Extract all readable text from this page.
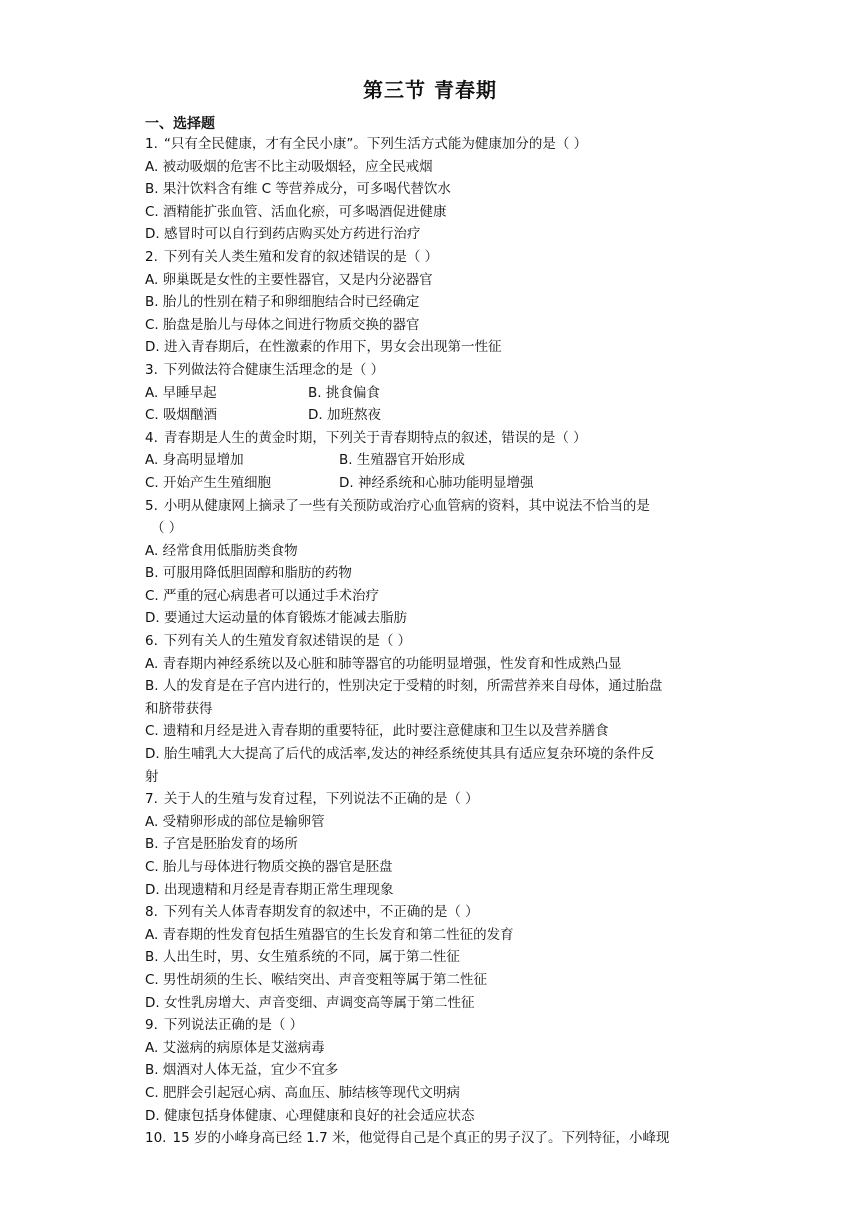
第三节 青春期
一、选择题
1. “只有全民健康，才有全民小康”。下列生活方式能为健康加分的是（ ）
A. 被动吸烟的危害不比主动吸烟轻，应全民戒烟
B. 果汁饮料含有维 C 等营养成分，可多喝代替饮水
C. 酒精能扩张血管、活血化瘀，可多喝酒促进健康
D. 感冒时可以自行到药店购买处方药进行治疗
2. 下列有关人类生殖和发育的叙述错误的是（ ）
A. 卵巢既是女性的主要性器官，又是内分泌器官
B. 胎儿的性别在精子和卵细胞结合时已经确定
C. 胎盘是胎儿与母体之间进行物质交换的器官
D. 进入青春期后，在性激素的作用下，男女会出现第一性征
3. 下列做法符合健康生活理念的是（ ）
A. 早睡早起	B. 挑食偏食
C. 吸烟酗酒	D. 加班熬夜
4. 青春期是人生的黄金时期，下列关于青春期特点的叙述，错误的是（ ）
A. 身高明显增加	B. 生殖器官开始形成
C. 开始产生生殖细胞	D. 神经系统和心肺功能明显增强
5. 小明从健康网上摘录了一些有关预防或治疗心血管病的资料，其中说法不恰当的是
（ ）
A. 经常食用低脂肪类食物
B. 可服用降低胆固醇和脂肪的药物
C. 严重的冠心病患者可以通过手术治疗
D. 要通过大运动量的体育锻炼才能减去脂肪
6. 下列有关人的生殖发育叙述错误的是（ ）
A. 青春期内神经系统以及心脏和肺等器官的功能明显增强，性发育和性成熟凸显
B. 人的发育是在子宫内进行的，性别决定于受精的时刻，所需营养来自母体，通过胎盘
和脐带获得
C. 遗精和月经是进入青春期的重要特征，此时要注意健康和卫生以及营养膳食
D. 胎生哺乳大大提高了后代的成活率,发达的神经系统使其具有适应复杂环境的条件反
射
7. 关于人的生殖与发育过程，下列说法不正确的是（ ）
A. 受精卵形成的部位是输卵管
B. 子宫是胚胎发育的场所
C. 胎儿与母体进行物质交换的器官是胚盘
D. 出现遗精和月经是青春期正常生理现象
8. 下列有关人体青春期发育的叙述中，不正确的是（ ）
A. 青春期的性发育包括生殖器官的生长发育和第二性征的发育
B. 人出生时，男、女生殖系统的不同，属于第二性征
C. 男性胡须的生长、喉结突出、声音变粗等属于第二性征
D. 女性乳房增大、声音变细、声调变高等属于第二性征
9. 下列说法正确的是（ ）
A. 艾滋病的病原体是艾滋病毒
B. 烟酒对人体无益，宜少不宜多
C. 肥胖会引起冠心病、高血压、肺结核等现代文明病
D. 健康包括身体健康、心理健康和良好的社会适应状态
10. 15 岁的小峰身高已经 1.7 米，他觉得自己是个真正的男子汉了。下列特征，小峰现
